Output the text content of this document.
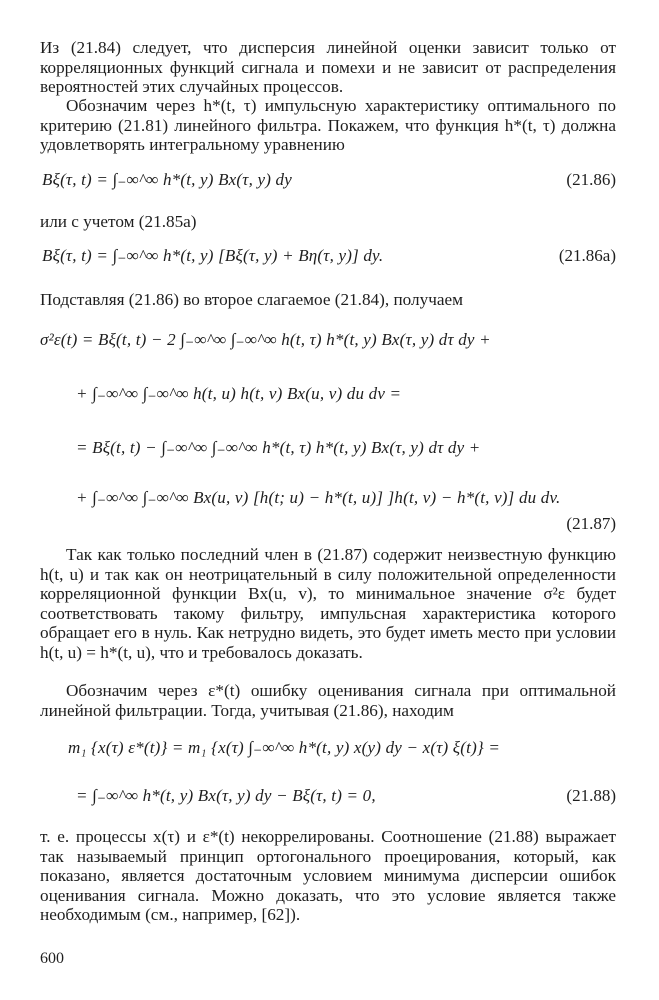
Из (21.84) следует, что дисперсия линейной оценки зависит только от корреляционных функций сигнала и помехи и не зависит от распределения вероятностей этих случайных процессов.
Обозначим через h*(t, τ) импульсную характеристику оптимального по критерию (21.81) линейного фильтра. Покажем, что функция h*(t, τ) должна удовлетворять интегральному уравнению
Bξ(τ, t) = ∫₋∞^∞ h*(t, y) Bx(τ, y) dy	(21.86)
или с учетом (21.85а)
Bξ(τ, t) = ∫₋∞^∞ h*(t, y) [Bξ(τ, y) + Bη(τ, y)] dy.	(21.86a)
Подставляя (21.86) во второе слагаемое (21.84), получаем
σ²ε(t) = Bξ(t, t) − 2 ∫₋∞^∞ ∫₋∞^∞ h(t, τ) h*(t, y) Bx(τ, y) dτ dy +
+ ∫₋∞^∞ ∫₋∞^∞ h(t, u) h(t, v) Bx(u, v) du dv =
= Bξ(t, t) − ∫₋∞^∞ ∫₋∞^∞ h*(t, τ) h*(t, y) Bx(τ, y) dτ dy +
+ ∫₋∞^∞ ∫₋∞^∞ Bx(u, v) [h(t; u) − h*(t, u)] ]h(t, v) − h*(t, v)] du dv.
(21.87)
Так как только последний член в (21.87) содержит неизвестную функцию h(t, u) и так как он неотрицательный в силу положительной определенности корреляционной функции Bx(u, v), то минимальное значение σ²ε будет соответствовать такому фильтру, импульсная характеристика которого обращает его в нуль. Как нетрудно видеть, это будет иметь место при условии h(t, u) = h*(t, u), что и требовалось доказать.
Обозначим через ε*(t) ошибку оценивания сигнала при оптимальной линейной фильтрации. Тогда, учитывая (21.86), находим
m₁ {x(τ) ε*(t)} = m₁ {x(τ) ∫₋∞^∞ h*(t, y) x(y) dy − x(τ) ξ(t)} =
= ∫₋∞^∞ h*(t, y) Bx(τ, y) dy − Bξ(τ, t) = 0,	(21.88)
т. е. процессы x(τ) и ε*(t) некоррелированы. Соотношение (21.88) выражает так называемый принцип ортогонального проецирования, который, как показано, является достаточным условием минимума дисперсии ошибок оценивания сигнала. Можно доказать, что это условие является также необходимым (см., например, [62]).
600
